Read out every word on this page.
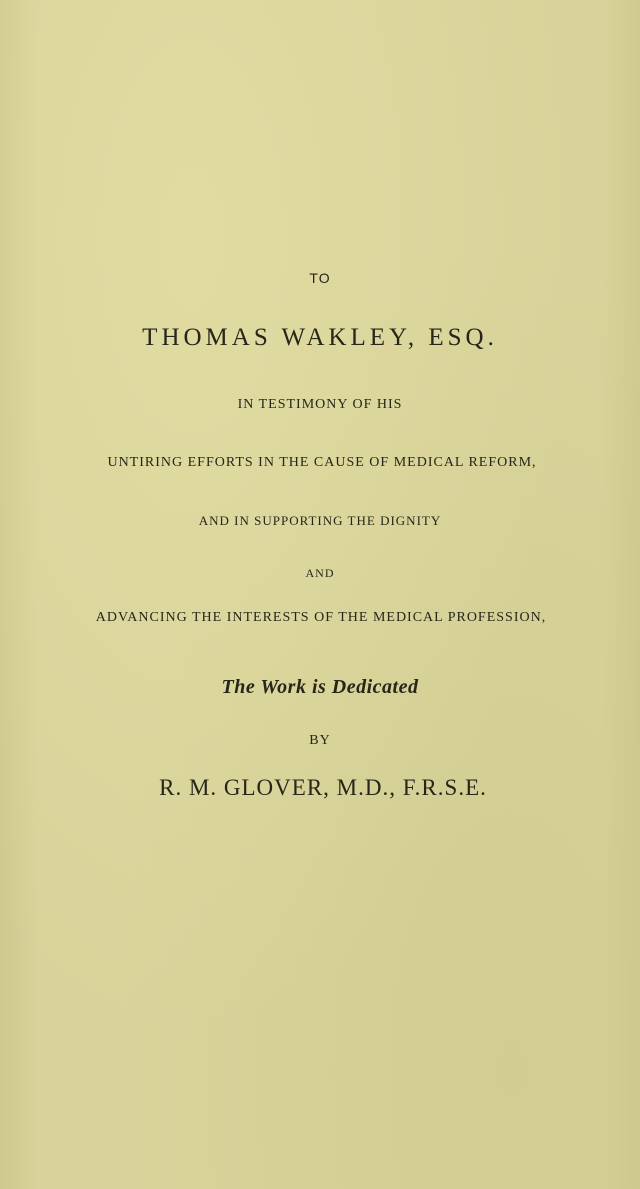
TO
THOMAS WAKLEY, ESQ.
IN TESTIMONY OF HIS
UNTIRING EFFORTS IN THE CAUSE OF MEDICAL REFORM,
AND IN SUPPORTING THE DIGNITY
AND
ADVANCING THE INTERESTS OF THE MEDICAL PROFESSION,
The Work is Dedicated
BY
R. M. GLOVER, M.D., F.R.S.E.
